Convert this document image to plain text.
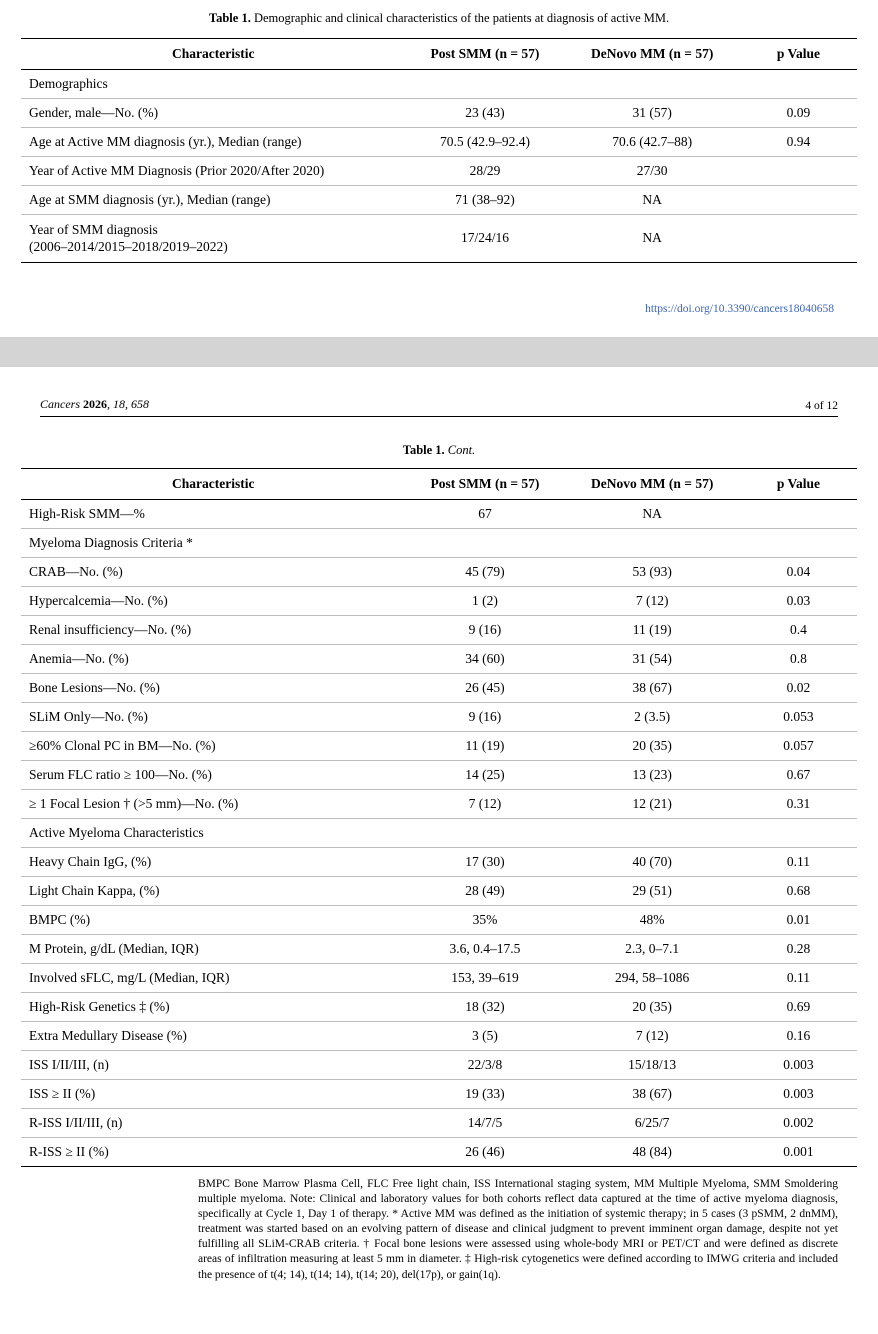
Table 1. Demographic and clinical characteristics of the patients at diagnosis of active MM.
Characteristic	Post SMM (n = 57)	DeNovo MM (n = 57)	p Value
Demographics			
Gender, male—No. (%)	23 (43)	31 (57)	0.09
Age at Active MM diagnosis (yr.), Median (range)	70.5 (42.9–92.4)	70.6 (42.7–88)	0.94
Year of Active MM Diagnosis (Prior 2020/After 2020)	28/29	27/30	
Age at SMM diagnosis (yr.), Median (range)	71 (38–92)	NA	
Year of SMM diagnosis
(2006–2014/2015–2018/2019–2022)	17/24/16	NA	
https://doi.org/10.3390/cancers18040658
Cancers 2026, 18, 658	4 of 12
Table 1. Cont.
Characteristic	Post SMM (n = 57)	DeNovo MM (n = 57)	p Value
High-Risk SMM—%	67	NA	
Myeloma Diagnosis Criteria *			
CRAB—No. (%)	45 (79)	53 (93)	0.04
Hypercalcemia—No. (%)	1 (2)	7 (12)	0.03
Renal insufficiency—No. (%)	9 (16)	11 (19)	0.4
Anemia—No. (%)	34 (60)	31 (54)	0.8
Bone Lesions—No. (%)	26 (45)	38 (67)	0.02
SLiM Only—No. (%)	9 (16)	2 (3.5)	0.053
≥60% Clonal PC in BM—No. (%)	11 (19)	20 (35)	0.057
Serum FLC ratio ≥ 100—No. (%)	14 (25)	13 (23)	0.67
≥ 1 Focal Lesion † (>5 mm)—No. (%)	7 (12)	12 (21)	0.31
Active Myeloma Characteristics			
Heavy Chain IgG, (%)	17 (30)	40 (70)	0.11
Light Chain Kappa, (%)	28 (49)	29 (51)	0.68
BMPC (%)	35%	48%	0.01
M Protein, g/dL (Median, IQR)	3.6, 0.4–17.5	2.3, 0–7.1	0.28
Involved sFLC, mg/L (Median, IQR)	153, 39–619	294, 58–1086	0.11
High-Risk Genetics ‡ (%)	18 (32)	20 (35)	0.69
Extra Medullary Disease (%)	3 (5)	7 (12)	0.16
ISS I/II/III, (n)	22/3/8	15/18/13	0.003
ISS ≥ II (%)	19 (33)	38 (67)	0.003
R-ISS I/II/III, (n)	14/7/5	6/25/7	0.002
R-ISS ≥ II (%)	26 (46)	48 (84)	0.001
BMPC Bone Marrow Plasma Cell, FLC Free light chain, ISS International staging system, MM Multiple Myeloma, SMM Smoldering multiple myeloma. Note: Clinical and laboratory values for both cohorts reflect data captured at the time of active myeloma diagnosis, specifically at Cycle 1, Day 1 of therapy. * Active MM was defined as the initiation of systemic therapy; in 5 cases (3 pSMM, 2 dnMM), treatment was started based on an evolving pattern of disease and clinical judgment to prevent imminent organ damage, despite not yet fulfilling all SLiM-CRAB criteria. † Focal bone lesions were assessed using whole-body MRI or PET/CT and were defined as discrete areas of infiltration measuring at least 5 mm in diameter. ‡ High-risk cytogenetics were defined according to IMWG criteria and included the presence of t(4; 14), t(14; 14), t(14; 20), del(17p), or gain(1q).
